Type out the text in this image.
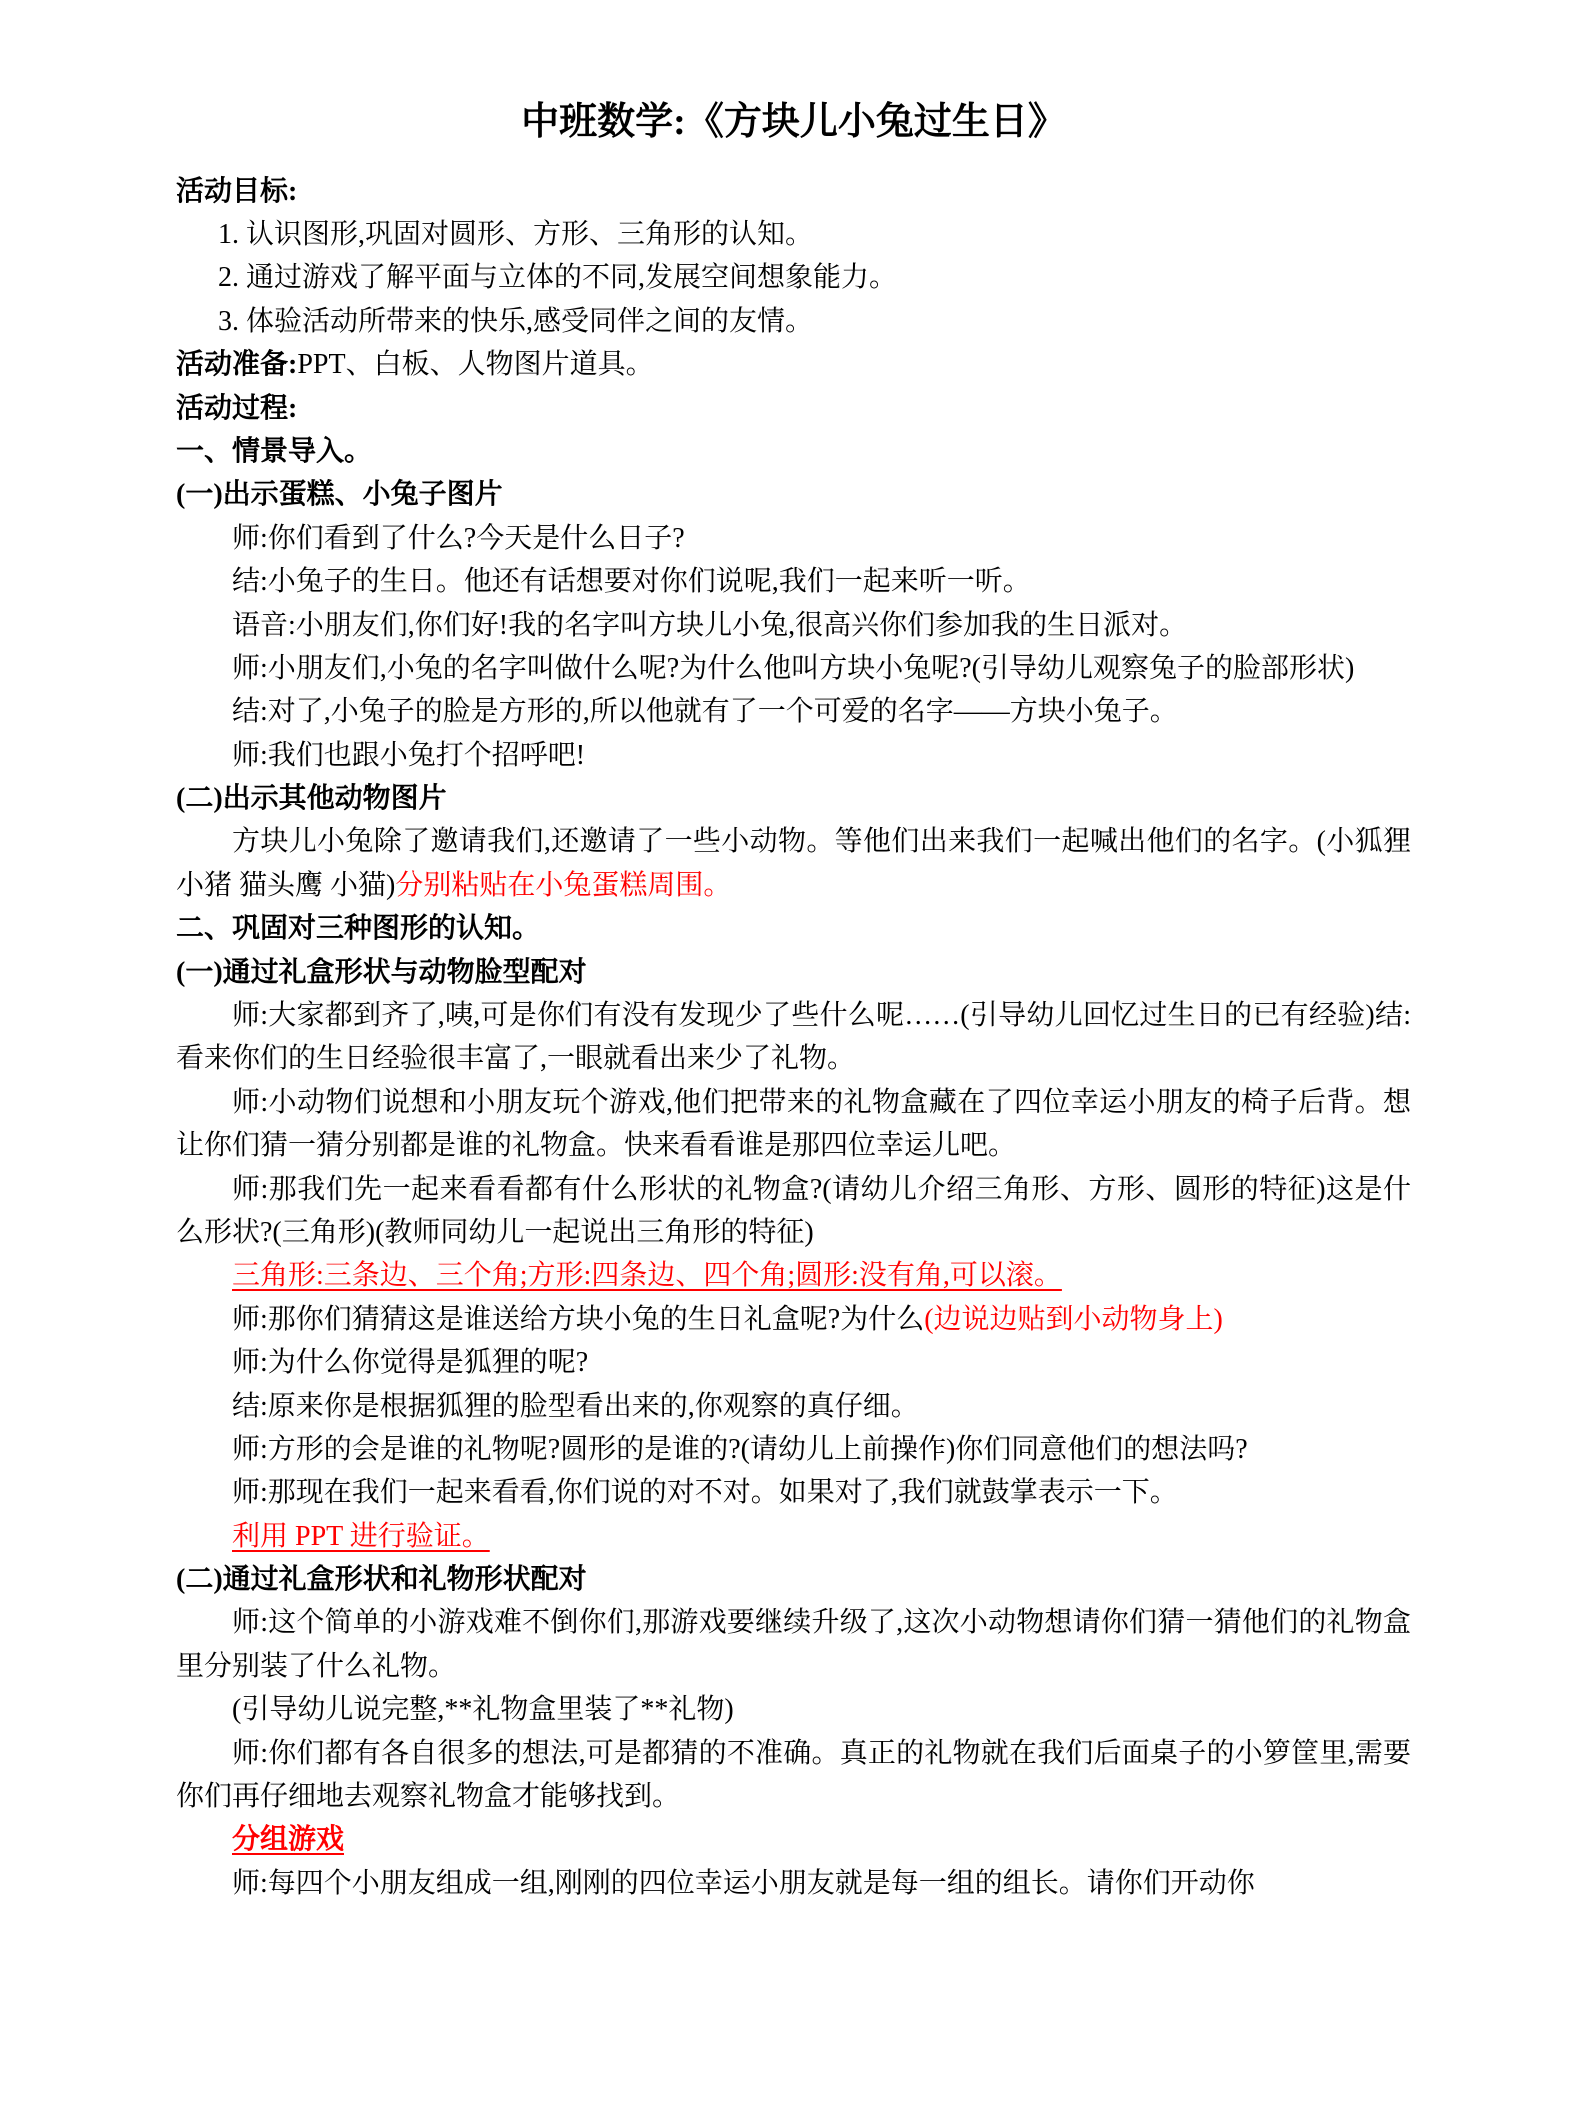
中班数学:《方块儿小兔过生日》

活动目标:

1. 认识图形,巩固对圆形、方形、三角形的认知。

2. 通过游戏了解平面与立体的不同,发展空间想象能力。

3. 体验活动所带来的快乐,感受同伴之间的友情。

活动准备:PPT、白板、人物图片道具。

活动过程:

一、情景导入。

(一)出示蛋糕、小兔子图片

师:你们看到了什么?今天是什么日子?

结:小兔子的生日。他还有话想要对你们说呢,我们一起来听一听。

语音:小朋友们,你们好!我的名字叫方块儿小兔,很高兴你们参加我的生日派对。

师:小朋友们,小兔的名字叫做什么呢?为什么他叫方块小兔呢?(引导幼儿观察兔子的脸部形状)

结:对了,小兔子的脸是方形的,所以他就有了一个可爱的名字——方块小兔子。

师:我们也跟小兔打个招呼吧!

(二)出示其他动物图片

方块儿小兔除了邀请我们,还邀请了一些小动物。等他们出来我们一起喊出他们的名字。(小狐狸 小猪 猫头鹰 小猫)分别粘贴在小兔蛋糕周围。

二、巩固对三种图形的认知。

(一)通过礼盒形状与动物脸型配对

师:大家都到齐了,咦,可是你们有没有发现少了些什么呢……(引导幼儿回忆过生日的已有经验)结:看来你们的生日经验很丰富了,一眼就看出来少了礼物。

师:小动物们说想和小朋友玩个游戏,他们把带来的礼物盒藏在了四位幸运小朋友的椅子后背。想让你们猜一猜分别都是谁的礼物盒。快来看看谁是那四位幸运儿吧。

师:那我们先一起来看看都有什么形状的礼物盒?(请幼儿介绍三角形、方形、圆形的特征)这是什么形状?(三角形)(教师同幼儿一起说出三角形的特征)

三角形:三条边、三个角;方形:四条边、四个角;圆形:没有角,可以滚。

师:那你们猜猜这是谁送给方块小兔的生日礼盒呢?为什么(边说边贴到小动物身上)

师:为什么你觉得是狐狸的呢?

结:原来你是根据狐狸的脸型看出来的,你观察的真仔细。

师:方形的会是谁的礼物呢?圆形的是谁的?(请幼儿上前操作)你们同意他们的想法吗?

师:那现在我们一起来看看,你们说的对不对。如果对了,我们就鼓掌表示一下。

利用 PPT 进行验证。

(二)通过礼盒形状和礼物形状配对

师:这个简单的小游戏难不倒你们,那游戏要继续升级了,这次小动物想请你们猜一猜他们的礼物盒里分别装了什么礼物。

(引导幼儿说完整,**礼物盒里装了**礼物)

师:你们都有各自很多的想法,可是都猜的不准确。真正的礼物就在我们后面桌子的小箩筐里,需要你们再仔细地去观察礼物盒才能够找到。

分组游戏

师:每四个小朋友组成一组,刚刚的四位幸运小朋友就是每一组的组长。请你们开动你
